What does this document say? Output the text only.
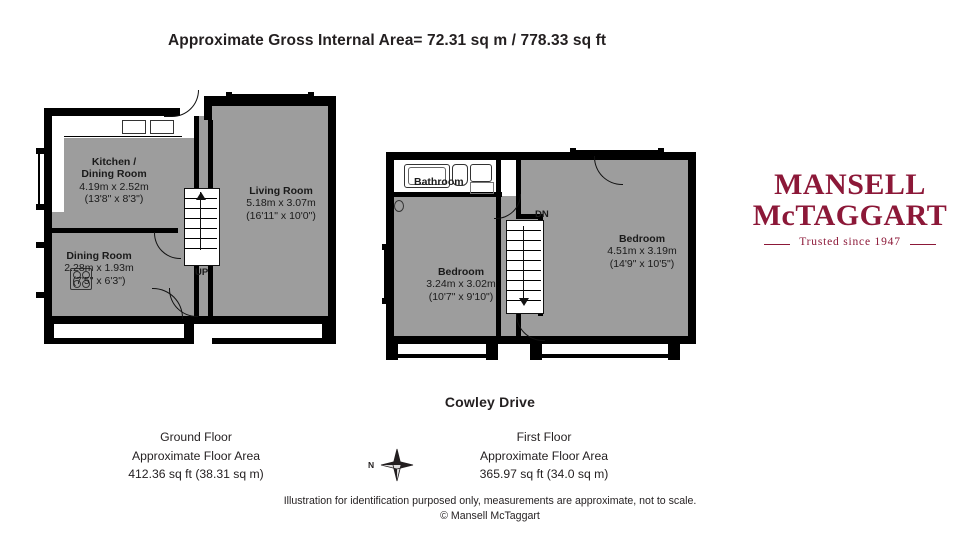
Approximate Gross Internal Area= 72.31 sq m / 778.33 sq ft
Kitchen /
Dining Room
4.19m x 2.52m
(13'8" x 8'3")
Dining Room
2.28m x 1.93m
(7'5" x 6'3")
Living Room
5.18m x 3.07m
(16'11" x 10'0")
UP
Bathroom
DN
Bedroom
3.24m x 3.02m
(10'7" x 9'10")
Bedroom
4.51m x 3.19m
(14'9" x 10'5")
MANSELL
McTAGGART
Trusted since 1947
Cowley Drive
Ground Floor
Approximate Floor Area
412.36 sq ft (38.31 sq m)
First Floor
Approximate Floor Area
365.97 sq ft (34.0 sq m)
N
Illustration for identification purposed only, measurements are approximate, not to scale.
© Mansell McTaggart
